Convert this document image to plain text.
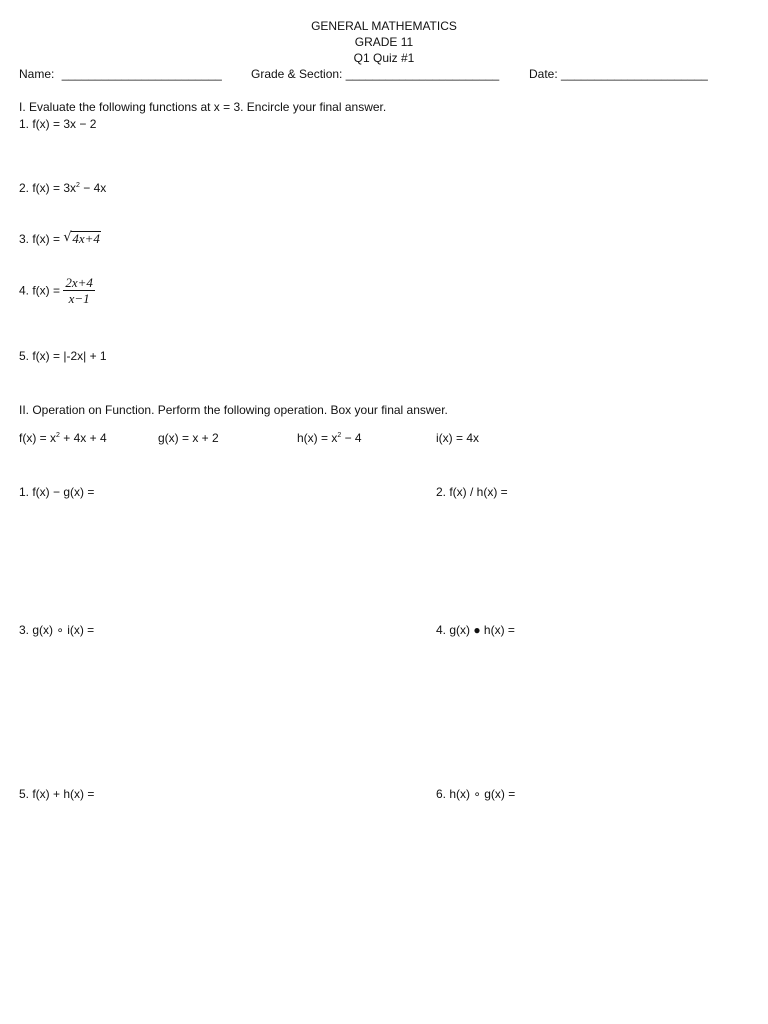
GENERAL MATHEMATICS
GRADE 11
Q1 Quiz #1
Name: ________________________ Grade & Section: _______________________ Date: ______________________
I. Evaluate the following functions at x = 3. Encircle your final answer.
1. f(x) = 3x − 2
2. $f(x) = 3x^2 - 4x$
3. f(x) = √ 4x+4
4. $f(x) = \frac{2x+4}{x-1}$
5. f(x) = |-2x| + 1
II. Operation on Function. Perform the following operation. Box your final answer.
$f(x) = x^2 + 4x + 4$	g(x) = x + 2	$h(x) = x^2 - 4$	i(x) = 4x
1. f(x) − g(x) =	2. f(x) / h(x) =
3. g(x) ∘ i(x) =	4. g(x) ● h(x) =
5. f(x) + h(x) =	6. h(x) ∘ g(x) =
